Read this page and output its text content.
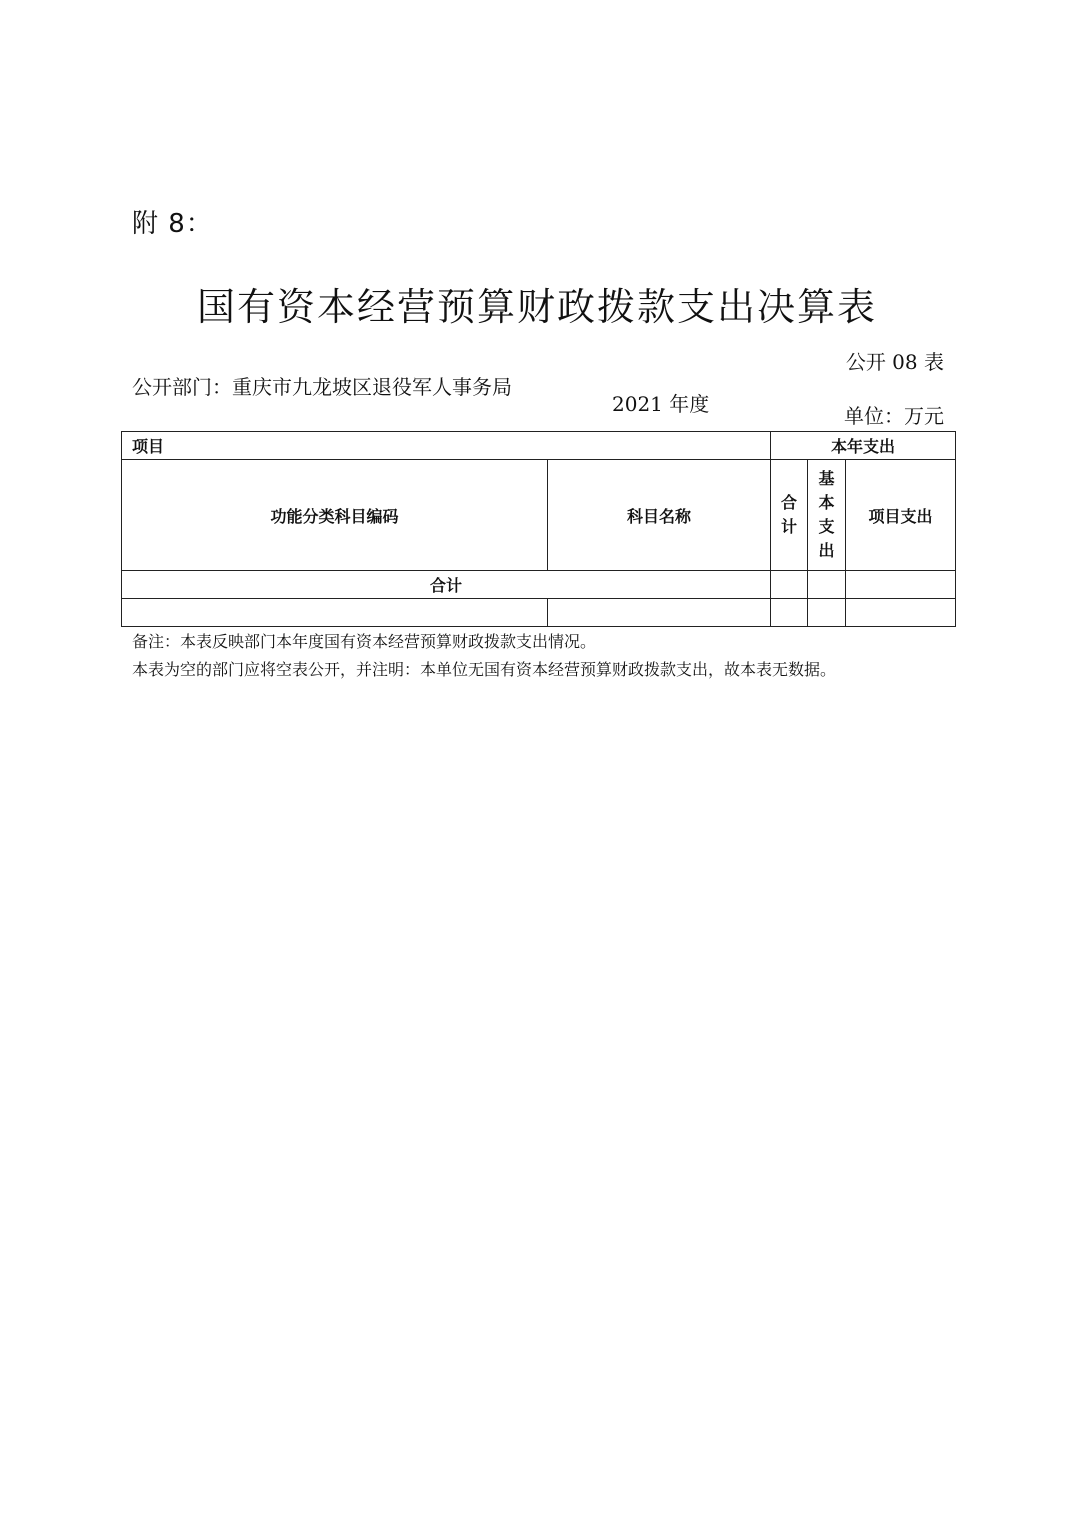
附 8：
国有资本经营预算财政拨款支出决算表
公开 08 表
公开部门：重庆市九龙坡区退役军人事务局
2021 年度	单位：万元
项目		本年支出		
功能分类科目编码	科目名称	合计	基本支出	项目支出
合计				

备注：本表反映部门本年度国有资本经营预算财政拨款支出情况。
本表为空的部门应将空表公开，并注明：本单位无国有资本经营预算财政拨款支出，故本表无数据。
